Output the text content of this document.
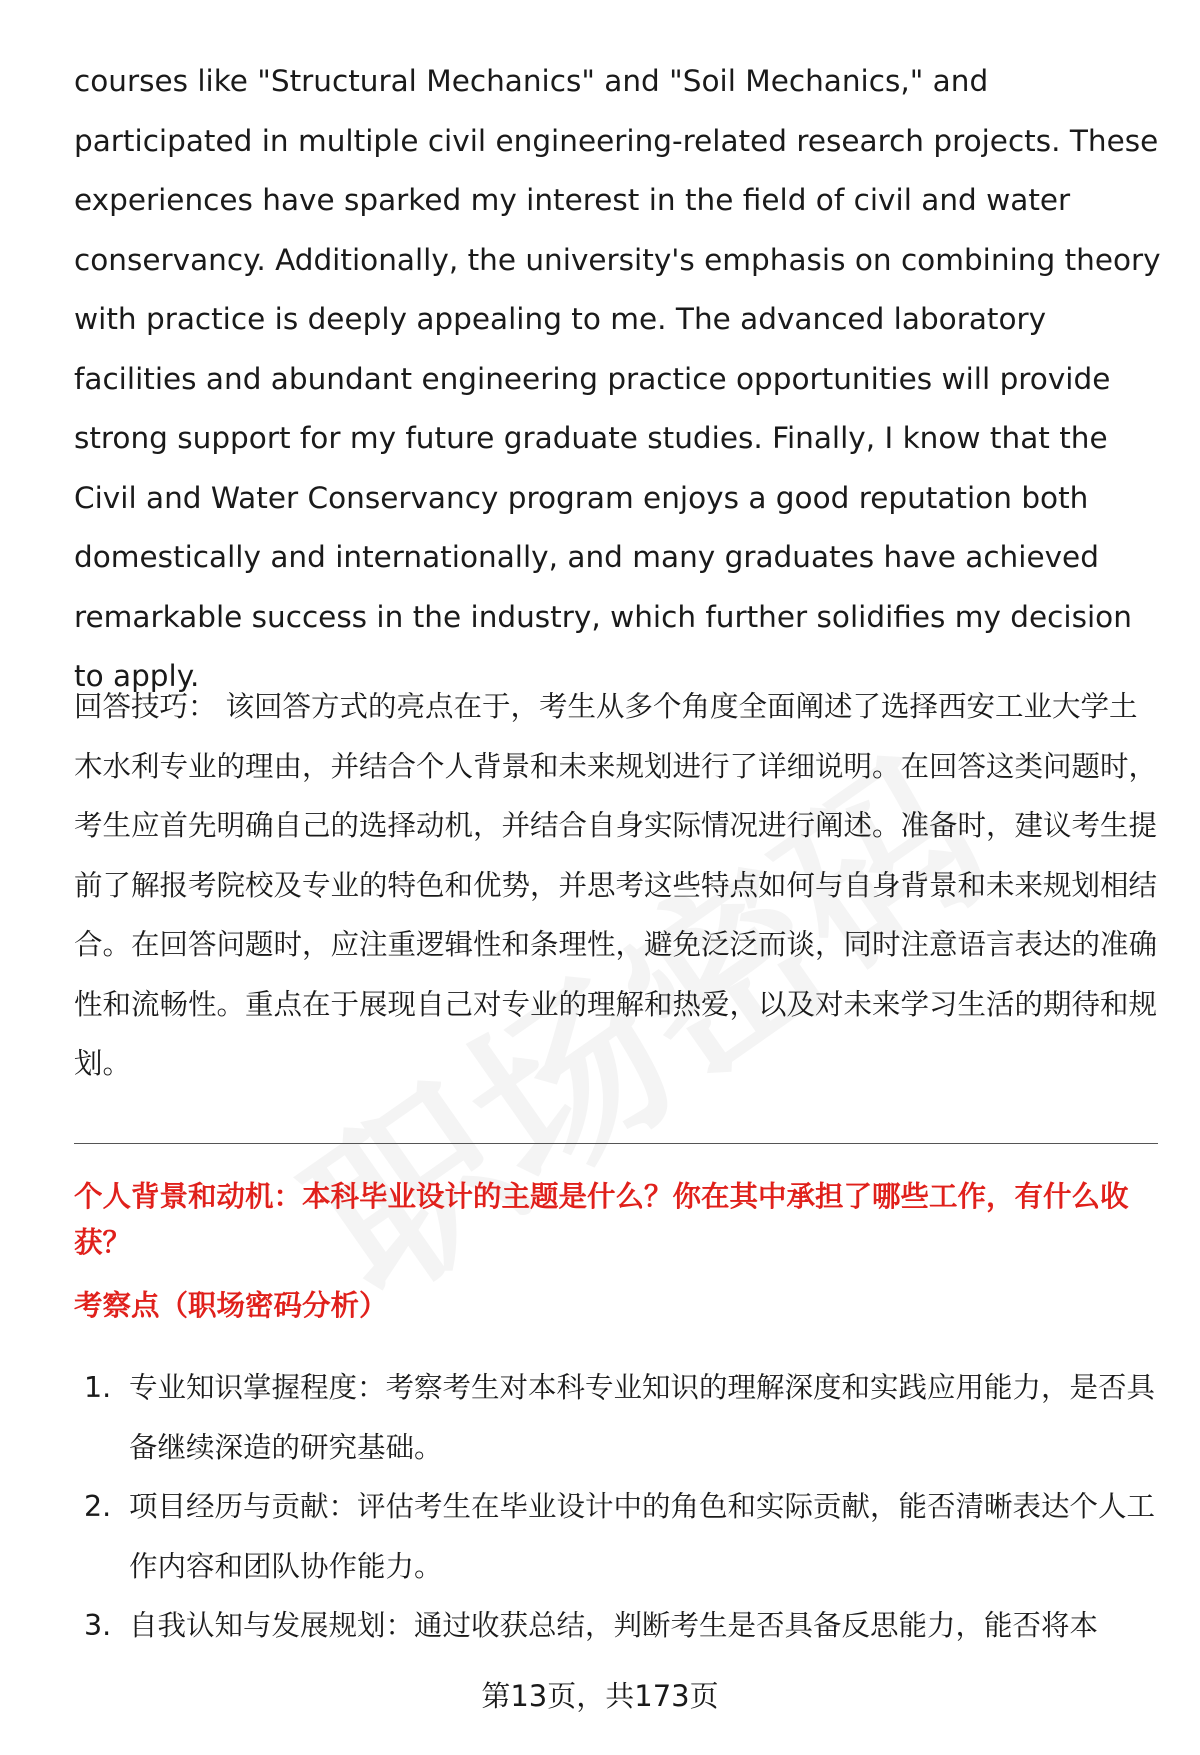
courses like "Structural Mechanics" and "Soil Mechanics," and participated in multiple civil engineering-related research projects. These experiences have sparked my interest in the field of civil and water conservancy. Additionally, the university's emphasis on combining theory with practice is deeply appealing to me. The advanced laboratory facilities and abundant engineering practice opportunities will provide strong support for my future graduate studies. Finally, I know that the Civil and Water Conservancy program enjoys a good reputation both domestically and internationally, and many graduates have achieved remarkable success in the industry, which further solidifies my decision to apply.

回答技巧： 该回答方式的亮点在于，考生从多个角度全面阐述了选择西安工业大学土木水利专业的理由，并结合个人背景和未来规划进行了详细说明。在回答这类问题时，考生应首先明确自己的选择动机，并结合自身实际情况进行阐述。准备时，建议考生提前了解报考院校及专业的特色和优势，并思考这些特点如何与自身背景和未来规划相结合。在回答问题时，应注重逻辑性和条理性，避免泛泛而谈，同时注意语言表达的准确性和流畅性。重点在于展现自己对专业的理解和热爱，以及对未来学习生活的期待和规划。

个人背景和动机：本科毕业设计的主题是什么？你在其中承担了哪些工作，有什么收获？

考察点（职场密码分析）

1. 专业知识掌握程度：考察考生对本科专业知识的理解深度和实践应用能力，是否具备继续深造的研究基础。
2. 项目经历与贡献：评估考生在毕业设计中的角色和实际贡献，能否清晰表达个人工作内容和团队协作能力。
3. 自我认知与发展规划：通过收获总结，判断考生是否具备反思能力，能否将本
第13页，共173页
